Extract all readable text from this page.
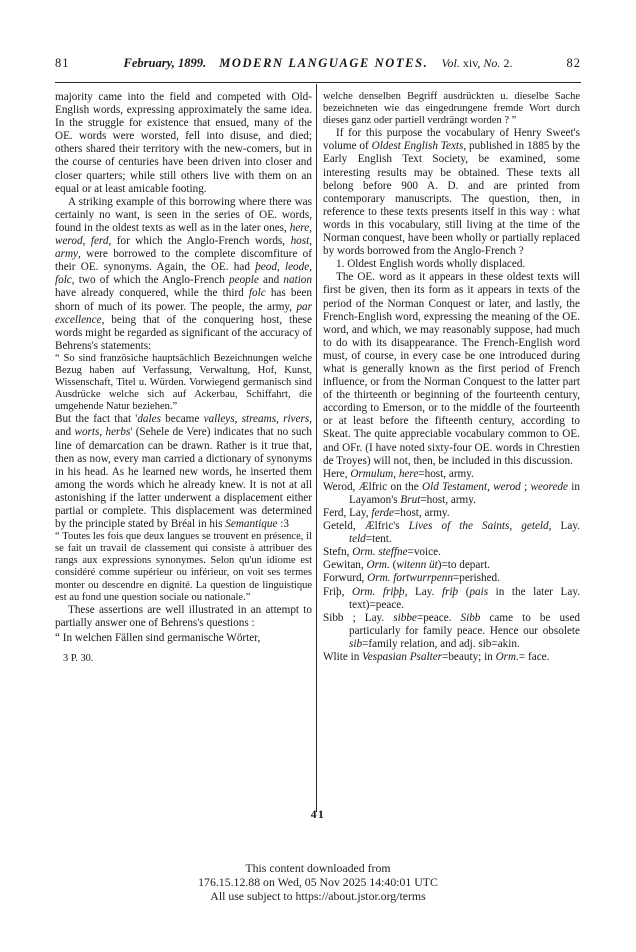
81	February, 1899. MODERN LANGUAGE NOTES. Vol. xiv, No. 2.	82
majority came into the field and competed with Old-English words, expressing approximately the same idea. In the struggle for existence that ensued, many of the OE. words were worsted, fell into disuse, and died; others shared their territory with the new-comers, but in the course of centuries have been driven into closer and closer quarters; while still others live with them on an equal or at least amicable footing.
A striking example of this borrowing where there was certainly no want, is seen in the series of OE. words, found in the oldest texts as well as in the later ones, here, werod, ferd, for which the Anglo-French words, host, army, were borrowed to the complete discomfiture of their OE. synonyms. Again, the OE. had þeod, leode, folc, two of which the Anglo-French people and nation have already conquered, while the third folc has been shorn of much of its power. The people, the army, par excellence, being that of the conquering host, these words might be regarded as significant of the accuracy of Behrens's statements:
“ So sind französiche hauptsächlich Bezeichnungen welche Bezug haben auf Verfassung, Verwaltung, Hof, Kunst, Wissenschaft, Titel u. Würden. Vorwiegend germanisch sind Ausdrücke welche sich auf Ackerbau, Schiffahrt, die umgehende Natur beziehen.”
But the fact that 'dales became valleys, streams, rivers, and worts, herbs' (Sehele de Vere) indicates that no such line of demarcation can be drawn. Rather is it true that, then as now, every man carried a dictionary of synonyms in his head. As he learned new words, he inserted them among the words which he already knew. It is not at all astonishing if the latter underwent a displacement either partial or complete. This displacement was determined by the principle stated by Bréal in his Semantique :3
“ Toutes les fois que deux langues se trouvent en présence, il se fait un travail de classement qui consiste à attribuer des rangs aux expressions synonymes. Selon qu'un idiome est considéré comme supérieur ou inférieur, on voit ses termes monter ou descendre en dignité. La question de linguistique est au fond une question sociale ou nationale.”
These assertions are well illustrated in an attempt to partially answer one of Behrens's questions :
“ In welchen Fällen sind germanische Wörter,
3 P. 30.
welche denselben Begriff ausdrückten u. dieselbe Sache bezeichneten wie das eingedrungene fremde Wort durch dieses ganz oder partiell verdrängt worden ? ”
If for this purpose the vocabulary of Henry Sweet's volume of Oldest English Texts, published in 1885 by the Early English Text Society, be examined, some interesting results may be obtained. These texts all belong before 900 A. D. and are printed from contemporary manuscripts. The question, then, in reference to these texts presents itself in this way : what words in this vocabulary, still living at the time of the Norman conquest, have been wholly or partially replaced by words borrowed from the Anglo-French ?
1. Oldest English words wholly displaced.
The OE. word as it appears in these oldest texts will first be given, then its form as it appears in texts of the period of the Norman Conquest or later, and lastly, the French-English word, expressing the meaning of the OE. word, and which, we may reasonably suppose, had much to do with its disappearance. The French-English word must, of course, in every case be one introduced during what is generally known as the first period of French influence, or from the Norman Conquest to the latter part of the thirteenth or beginning of the fourteenth century, according to Emerson, or to the middle of the fourteenth or at least before the fifteenth century, according to Skeat. The quite appreciable vocabulary common to OE. and OFr. (I have noted sixty-four OE. words in Chrestien de Troyes) will not, then, be included in this discussion.
Here, Ormulum, here=host, army.
Werod, Ælfric on the Old Testament, werod ; weorede in Layamon's Brut=host, army.
Ferd, Lay, ferde=host, army.
Geteld, Ælfric's Lives of the Saints, geteld, Lay. teld=tent.
Stefn, Orm. steffne=voice.
Gewitan, Orm. (witenn üt)=to depart.
Forwurd, Orm. fortwurrpenn=perished.
Friþ, Orm. friþþ, Lay. friþ (pais in the later Lay. text)=peace.
Sibb ; Lay. sibbe=peace. Sibb came to be used particularly for family peace. Hence our obsolete sib=family relation, and adj. sib=akin.
Wlite in Vespasian Psalter=beauty; in Orm.= face.
41
This content downloaded from
176.15.12.88 on Wed, 05 Nov 2025 14:40:01 UTC
All use subject to https://about.jstor.org/terms
